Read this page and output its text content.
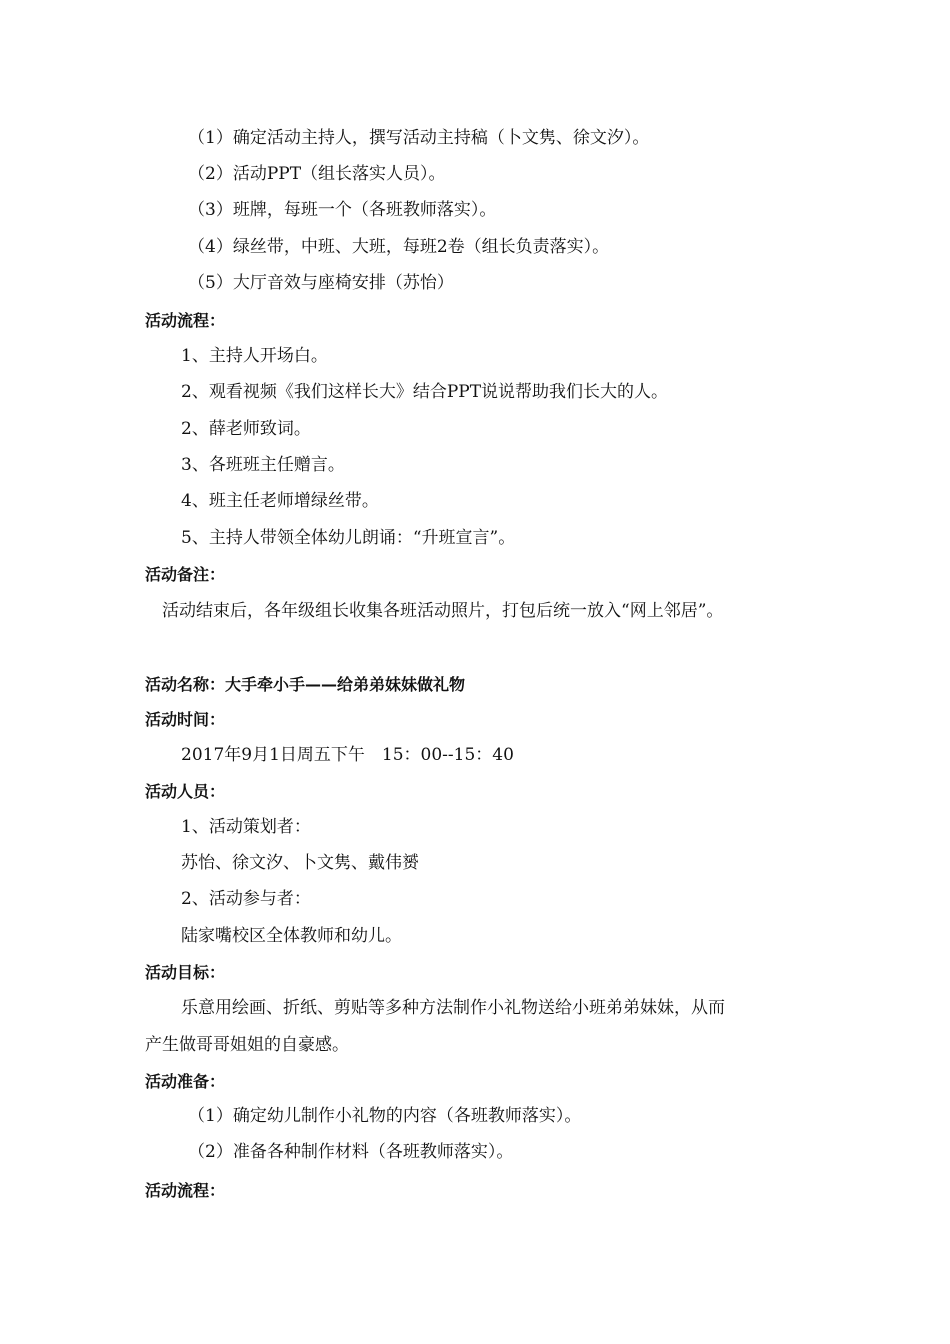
（1）确定活动主持人，撰写活动主持稿（卜文隽、徐文汐）。
（2）活动PPT（组长落实人员）。
（3）班牌，每班一个（各班教师落实）。
（4）绿丝带，中班、大班，每班2卷（组长负责落实）。
（5）大厅音效与座椅安排（苏怡）
活动流程：
1、主持人开场白。
2、观看视频《我们这样长大》结合PPT说说帮助我们长大的人。
2、薛老师致词。
3、各班班主任赠言。
4、班主任老师增绿丝带。
5、主持人带领全体幼儿朗诵：“升班宣言”。
活动备注：
活动结束后，各年级组长收集各班活动照片，打包后统一放入“网上邻居”。
活动名称：大手牵小手——给弟弟妹妹做礼物
活动时间：
2017年9月1日周五下午　15：00--15：40
活动人员：
1、活动策划者：
苏怡、徐文汐、卜文隽、戴伟赟
2、活动参与者：
陆家嘴校区全体教师和幼儿。
活动目标：
乐意用绘画、折纸、剪贴等多种方法制作小礼物送给小班弟弟妹妹，从而
产生做哥哥姐姐的自豪感。
活动准备：
（1）确定幼儿制作小礼物的内容（各班教师落实）。
（2）准备各种制作材料（各班教师落实）。
活动流程：
